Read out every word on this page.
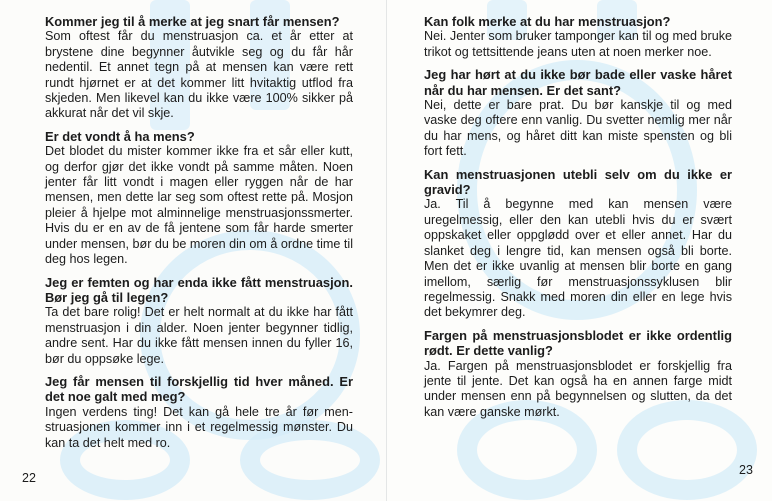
Kommer jeg til å merke at jeg snart får mensen?

Som oftest får du menstruasjon ca. et år etter at brystene dine begynner åutvikle seg og du får hår nedentil. Et annet tegn på at mensen kan være rett rundt hjørnet er at det kommer litt hvitaktig utflod fra skjeden. Men likevel kan du ikke være 100% sikker på akkurat når det vil skje.

Er det vondt å ha mens?

Det blodet du mister kommer ikke fra et sår eller kutt, og derfor gjør det ikke vondt på samme måten. Noen jenter får litt vondt i magen eller ryggen når de har mensen, men dette lar seg som oftest rette på. Mosjon pleier å hjelpe mot alminnelige menstruasjonssmerter. Hvis du er en av de få jentene som får harde smerter under mensen, bør du be moren din om å ordne time til deg hos legen.

Jeg er femten og har enda ikke fått menstruasjon. Bør jeg gå til legen?

Ta det bare rolig! Det er helt normalt at du ikke har fått menstruasjon i din alder. Noen jenter begynner tidlig, andre sent. Har du ikke fått mensen innen du fyller 16, bør du oppsøke lege.

Jeg får mensen til forskjellig tid hver måned. Er det noe galt med meg?

Ingen verdens ting! Det kan gå hele tre år før menstruasjonen kommer inn i et regelmessig mønster. Du kan ta det helt med ro.

22

Kan folk merke at du har menstruasjon?

Nei. Jenter som bruker tamponger kan til og med bruke trikot og tettsittende jeans uten at noen merker noe.

Jeg har hørt at du ikke bør bade eller vaske håret når du har mensen. Er det sant?

Nei, dette er bare prat. Du bør kanskje til og med vaske deg oftere enn vanlig. Du svetter nemlig mer når du har mens, og håret ditt kan miste spensten og bli fort fett.

Kan menstruasjonen utebli selv om du ikke er gravid?

Ja. Til å begynne med kan mensen være uregelmessig, eller den kan utebli hvis du er svært oppskaket eller oppglødd over et eller annet. Har du slanket deg i lengre tid, kan mensen også bli borte. Men det er ikke uvanlig at mensen blir borte en gang imellom, særlig før menstruasjonssyklusen blir regelmessig. Snakk med moren din eller en lege hvis det bekymrer deg.

Fargen på menstruasjonsblodet er ikke ordentlig rødt. Er dette vanlig?

Ja. Fargen på menstruasjonsblodet er forskjellig fra jente til jente. Det kan også ha en annen farge midt under mensen enn på begynnelsen og slutten, da det kan være ganske mørkt.

23
